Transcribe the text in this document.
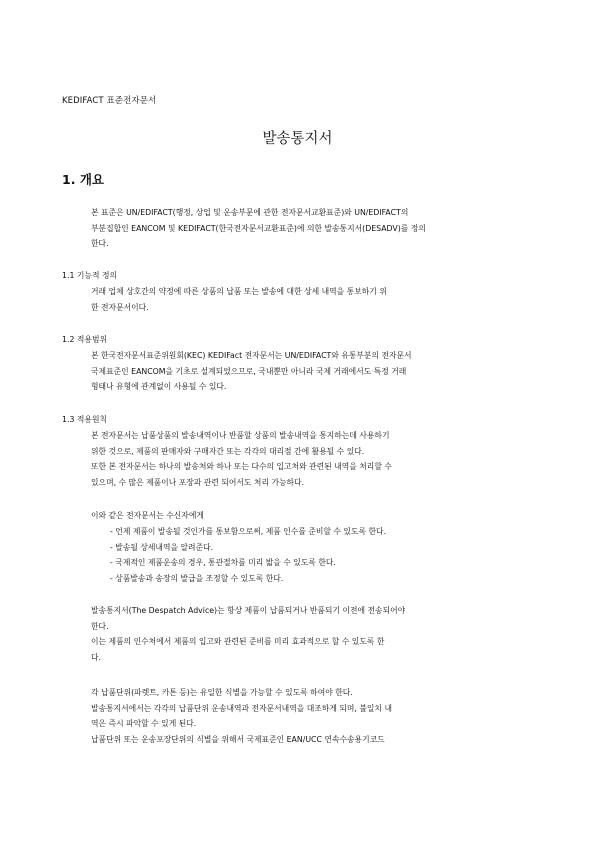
KEDIFACT 표준전자문서
발송통지서
1. 개요
본 표준은 UN/EDIFACT(행정, 상업 및 운송부문에 관한 전자문서교환표준)와 UN/EDIFACT의
부분집합인 EANCOM 및 KEDIFACT(한국전자문서교환표준)에 의한 발송통지서(DESADV)를 정의
한다.
1.1 기능적 정의
거래 업체 상호간의 약정에 따른 상품의 납품 또는 발송에 대한 상세 내역을 통보하기 위
한 전자문서이다.
1.2 적용범위
본 한국전자문서표준위원회(KEC) KEDIFact 전자문서는 UN/EDIFACT와 유통부분의 전자문서
국제표준인 EANCOM을 기초로 설계되었으므로, 국내뿐만 아니라 국제 거래에서도 특정 거래
형태나 유형에 관계없이 사용될 수 있다.
1.3 적용원칙
본 전자문서는 납품상품의 발송내역이나 반품할 상품의 발송내역을 통지하는데 사용하기
위한 것으로, 제품의 판매자와 구매자간 또는 각각의 대리점 간에 활용될 수 있다.
또한 본 전자문서는 하나의 발송처와 하나 또는 다수의 입고처와 관련된 내역을 처리할 수
있으며, 수 많은 제품이나 포장과 관련 되어서도 처리 가능하다.
이와 같은 전자문서는 수신자에게
- 언제 제품이 발송될 것인가를 통보함으로써, 제품 인수를 준비할 수 있도록 한다.
- 발송될 상세내역을 알려준다.
- 국제적인 제품운송의 경우, 통관절차를 미리 밟을 수 있도록 한다.
- 상품발송과 송장의 발급을 조정할 수 있도록 한다.
발송통지서(The Despatch Advice)는 항상 제품이 납품되거나 반품되기 이전에 전송되어야
한다.
이는 제품의 인수처에서 제품의 입고와 관련된 준비를 미리 효과적으로 할 수 있도록 한
다.
각 납품단위(파렛트, 카톤 등)는 유일한 식별을 가능할 수 있도록 하여야 한다.
발송통지서에서는 각각의 납품단위 운송내역과 전자문서내역을 대조하게 되며, 불일치 내
역은 즉시 파악할 수 있게 된다.
납품단위 또는 운송포장단위의 식별을 위해서 국제표준인 EAN/UCC 연속수송용기코드
